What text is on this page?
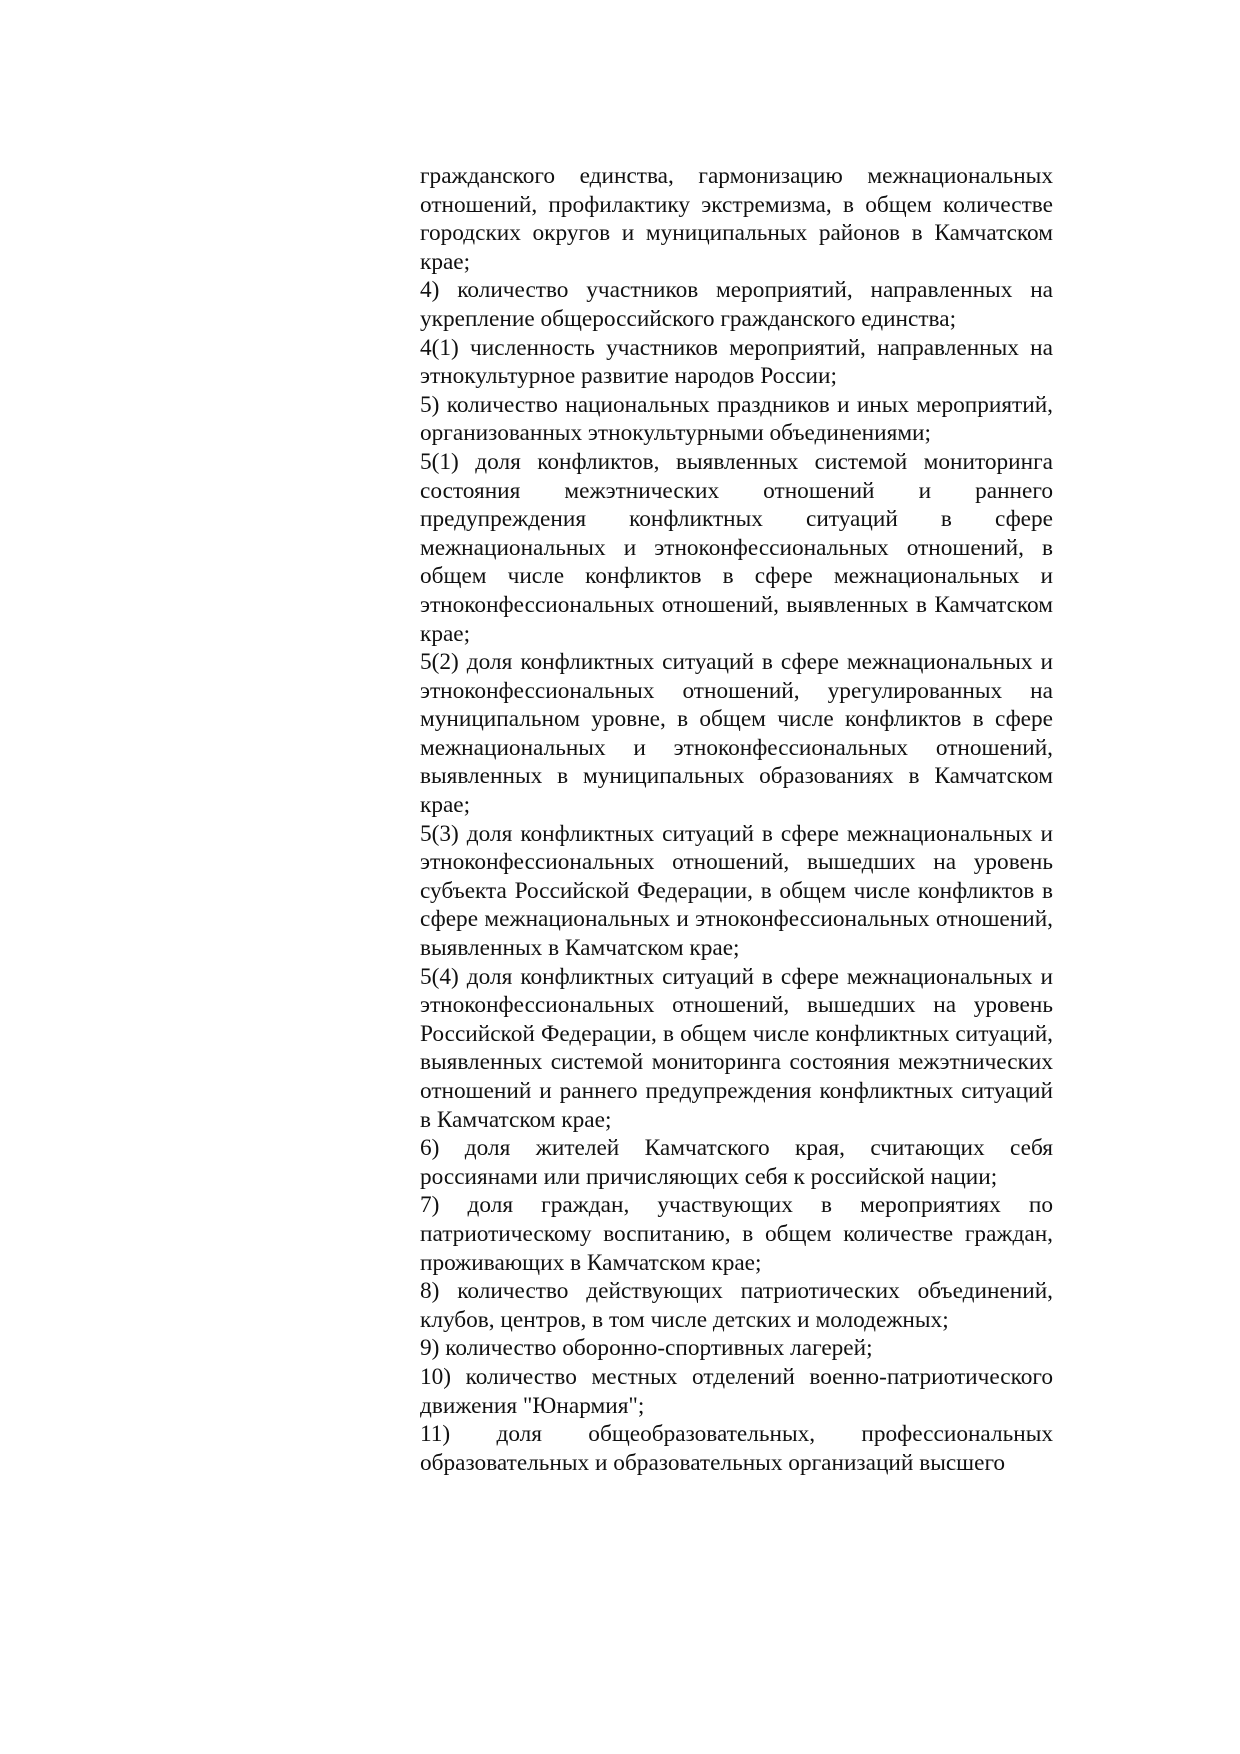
гражданского единства, гармонизацию межнациональных отношений, профилактику экстремизма, в общем количестве городских округов и муниципальных районов в Камчатском крае;

4) количество участников мероприятий, направленных на укрепление общероссийского гражданского единства;

4(1) численность участников мероприятий, направленных на этнокультурное развитие народов России;

5) количество национальных праздников и иных мероприятий, организованных этнокультурными объединениями;

5(1) доля конфликтов, выявленных системой мониторинга состояния межэтнических отношений и раннего предупреждения конфликтных ситуаций в сфере межнациональных и этноконфессиональных отношений, в общем числе конфликтов в сфере межнациональных и этноконфессиональных отношений, выявленных в Камчатском крае;

5(2) доля конфликтных ситуаций в сфере межнациональных и этноконфессиональных отношений, урегулированных на муниципальном уровне, в общем числе конфликтов в сфере межнациональных и этноконфессиональных отношений, выявленных в муниципальных образованиях в Камчатском крае;

5(3) доля конфликтных ситуаций в сфере межнациональных и этноконфессиональных отношений, вышедших на уровень субъекта Российской Федерации, в общем числе конфликтов в сфере межнациональных и этноконфессиональных отношений, выявленных в Камчатском крае;

5(4) доля конфликтных ситуаций в сфере межнациональных и этноконфессиональных отношений, вышедших на уровень Российской Федерации, в общем числе конфликтных ситуаций, выявленных системой мониторинга состояния межэтнических отношений и раннего предупреждения конфликтных ситуаций в Камчатском крае;

6) доля жителей Камчатского края, считающих себя россиянами или причисляющих себя к российской нации;

7) доля граждан, участвующих в мероприятиях по патриотическому воспитанию, в общем количестве граждан, проживающих в Камчатском крае;

8) количество действующих патриотических объединений, клубов, центров, в том числе детских и молодежных;

9) количество оборонно-спортивных лагерей;

10) количество местных отделений военно-патриотического движения "Юнармия";

11) доля общеобразовательных, профессиональных образовательных и образовательных организаций высшего
